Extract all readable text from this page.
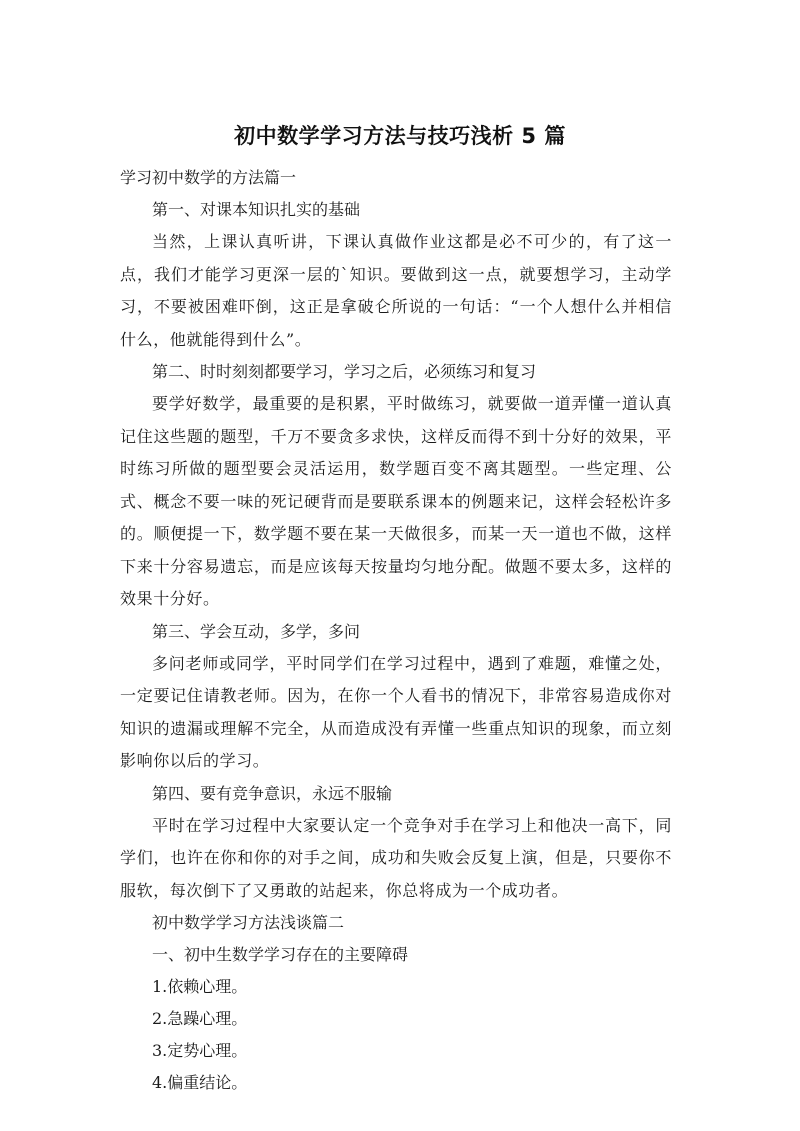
初中数学学习方法与技巧浅析 5 篇
学习初中数学的方法篇一
第一、对课本知识扎实的基础
当然，上课认真听讲，下课认真做作业这都是必不可少的，有了这一点，我们才能学习更深一层的`知识。要做到这一点，就要想学习，主动学习，不要被困难吓倒，这正是拿破仑所说的一句话：“一个人想什么并相信什么，他就能得到什么”。
第二、时时刻刻都要学习，学习之后，必须练习和复习
要学好数学，最重要的是积累，平时做练习，就要做一道弄懂一道认真记住这些题的题型，千万不要贪多求快，这样反而得不到十分好的效果，平时练习所做的题型要会灵活运用，数学题百变不离其题型。一些定理、公式、概念不要一味的死记硬背而是要联系课本的例题来记，这样会轻松许多的。顺便提一下，数学题不要在某一天做很多，而某一天一道也不做，这样下来十分容易遗忘，而是应该每天按量均匀地分配。做题不要太多，这样的效果十分好。
第三、学会互动，多学，多问
多问老师或同学，平时同学们在学习过程中，遇到了难题，难懂之处，一定要记住请教老师。因为，在你一个人看书的情况下，非常容易造成你对知识的遗漏或理解不完全，从而造成没有弄懂一些重点知识的现象，而立刻影响你以后的学习。
第四、要有竞争意识，永远不服输
平时在学习过程中大家要认定一个竞争对手在学习上和他决一高下，同学们，也许在你和你的对手之间，成功和失败会反复上演，但是，只要你不服软，每次倒下了又勇敢的站起来，你总将成为一个成功者。
初中数学学习方法浅谈篇二
一、初中生数学学习存在的主要障碍
1.依赖心理。
2.急躁心理。
3.定势心理。
4.偏重结论。
